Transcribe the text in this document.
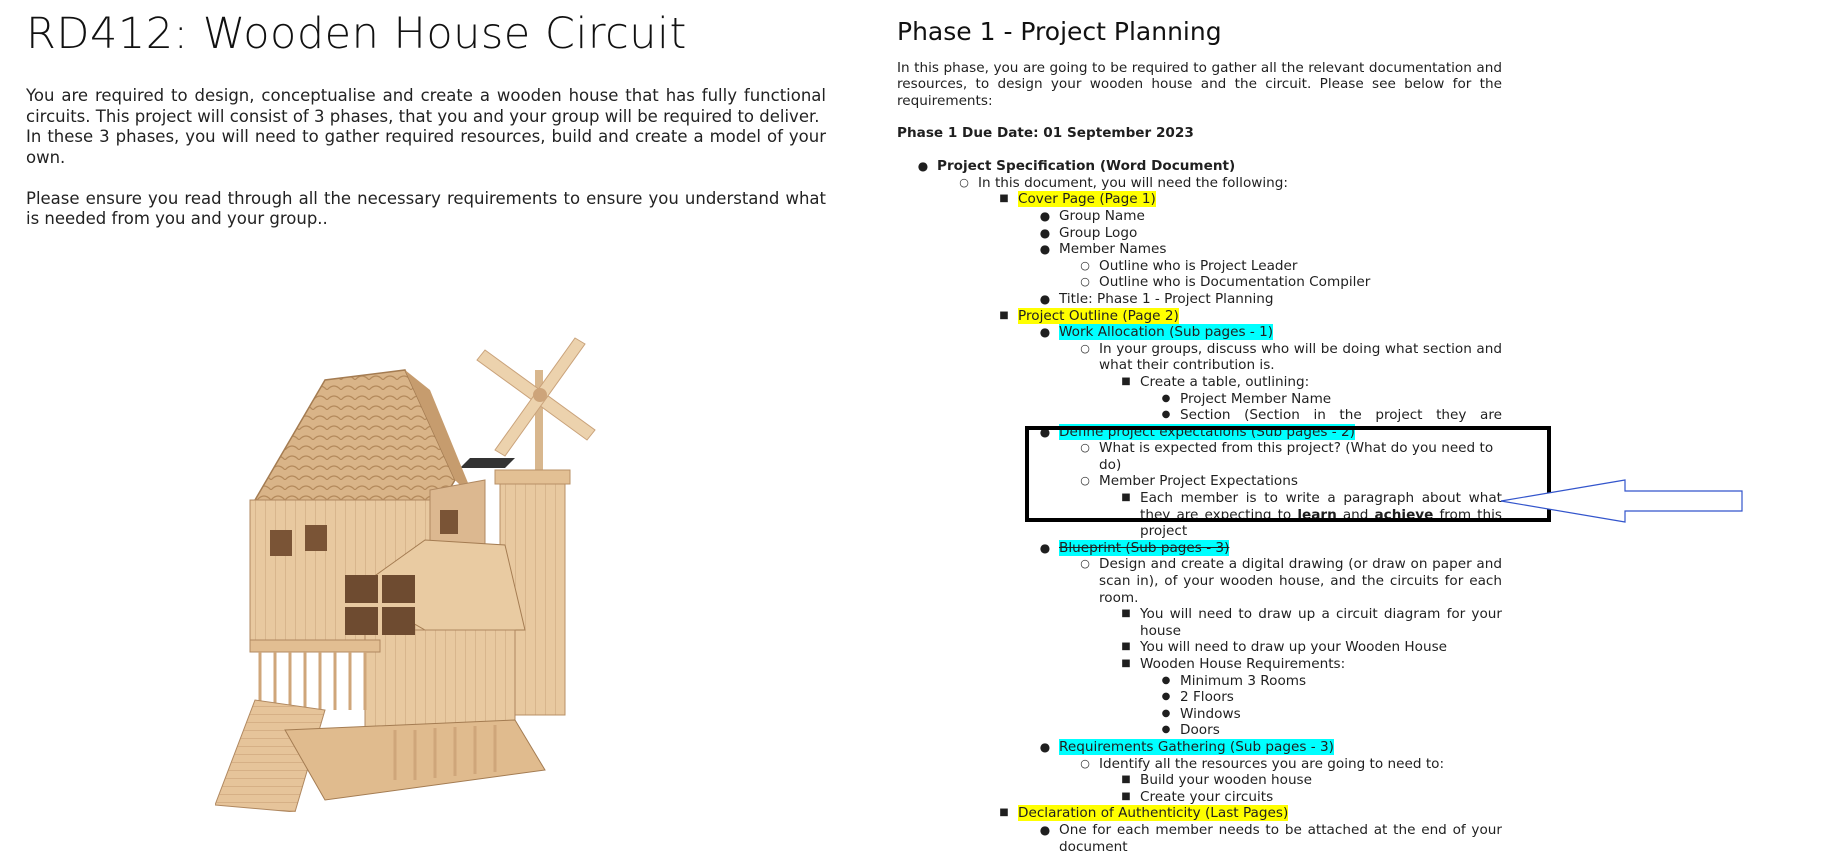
RD412: Wooden House Circuit

You are required to design, conceptualise and create a wooden house that has fully functional circuits. This project will consist of 3 phases, that you and your group will be required to deliver.

In these 3 phases, you will need to gather required resources, build and create a model of your own.

Please ensure you read through all the necessary requirements to ensure you understand what is needed from you and your group..

Phase 1 - Project Planning
In this phase, you are going to be required to gather all the relevant documentation and resources, to design your wooden house and the circuit. Please see below for the requirements:
Phase 1 Due Date: 01 September 2023
● Project Specification (Word Document)
○ In this document, you will need the following:
■ Cover Page (Page 1)
● Group Name
● Group Logo
● Member Names
○ Outline who is Project Leader
○ Outline who is Documentation Compiler
● Title: Phase 1 - Project Planning
■ Project Outline (Page 2)
● Work Allocation (Sub pages - 1)
○ In your groups, discuss who will be doing what section and what their contribution is.
■ Create a table, outlining:
● Project Member Name
● Section (Section in the project they are
● Define project expectations (Sub pages - 2)
○ What is expected from this project? (What do you need to do)
○ Member Project Expectations
■ Each member is to write a paragraph about what they are expecting to learn and achieve from this project
● Blueprint (Sub pages - 3)
○ Design and create a digital drawing (or draw on paper and scan in), of your wooden house, and the circuits for each room.
■ You will need to draw up a circuit diagram for your house
■ You will need to draw up your Wooden House
■ Wooden House Requirements:
● Minimum 3 Rooms
● 2 Floors
● Windows
● Doors
● Requirements Gathering (Sub pages - 3)
○ Identify all the resources you are going to need to:
■ Build your wooden house
■ Create your circuits
■ Declaration of Authenticity (Last Pages)
● One for each member needs to be attached at the end of your document
